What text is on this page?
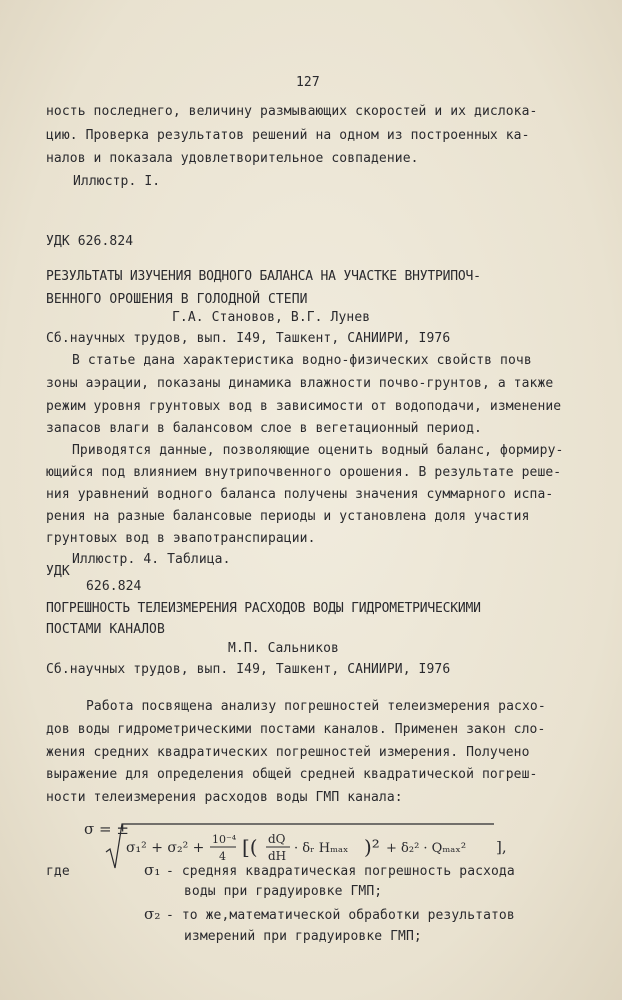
127
ность последнего, величину размывающих скоростей и их дислока-
цию. Проверка результатов решений на одном из построенных ка-
налов и показала удовлетворительное совпадение.
Иллюстр. I.
УДК 626.824
РЕЗУЛЬТАТЫ ИЗУЧЕНИЯ ВОДНОГО БАЛАНСА НА УЧАСТКЕ ВНУТРИПОЧ-
ВЕННОГО ОРОШЕНИЯ В ГОЛОДНОЙ СТЕПИ
Г.А. Становов, В.Г. Лунев
Сб.научных трудов, вып. I49, Ташкент, САНИИРИ, I976
В статье дана характеристика водно-физических свойств почв
зоны аэрации, показаны динамика влажности почво-грунтов, а также
режим уровня грунтовых вод в зависимости от водоподачи, изменение
запасов влаги в балансовом слое в вегетационный период.
Приводятся данные, позволяющие оценить водный баланс, формиру-
ющийся под влиянием внутрипочвенного орошения. В результате реше-
ния уравнений водного баланса получены значения суммарного испа-
рения на разные балансовые периоды и установлена доля участия
грунтовых вод в эвапотранспирации.
Иллюстр. 4. Таблица.
УДК
626.824
ПОГРЕШНОСТЬ ТЕЛЕИЗМЕРЕНИЯ РАСХОДОВ ВОДЫ ГИДРОМЕТРИЧЕСКИМИ
ПОСТАМИ КАНАЛОВ
М.П. Сальников
Сб.научных трудов, вып. I49, Ташкент, САНИИРИ, I976
Работа посвящена анализу погрешностей телеизмерения расхо-
дов воды гидрометрическими постами каналов. Применен закон сло-
жения средних квадратических погрешностей измерения. Получено
выражение для определения общей средней квадратической погреш-
ности телеизмерения расходов воды ГМП канала:
σ = ±
σ₁² + σ₂² +
10⁻⁴
4 [( dQ
dH · δᵣ Hₘₐₓ )² + δ₂² · Qₘₐₓ² ],
где	σ₁ - средняя квадратическая погрешность расхода
воды при градуировке ГМП;
σ₂ - то же,математической обработки результатов
измерений при градуировке ГМП;
